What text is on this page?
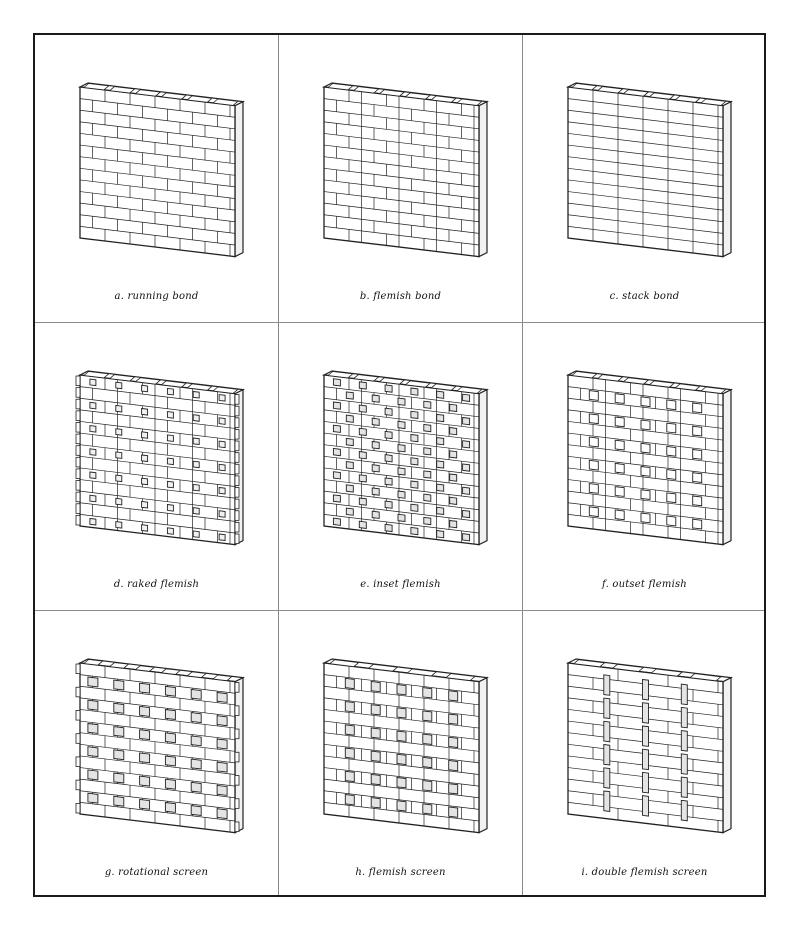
a. running bond	b. flemish bond	c. stack bond
d. raked flemish	e. inset flemish	f. outset flemish
g. rotational screen	h. flemish screen	i. double flemish screen
